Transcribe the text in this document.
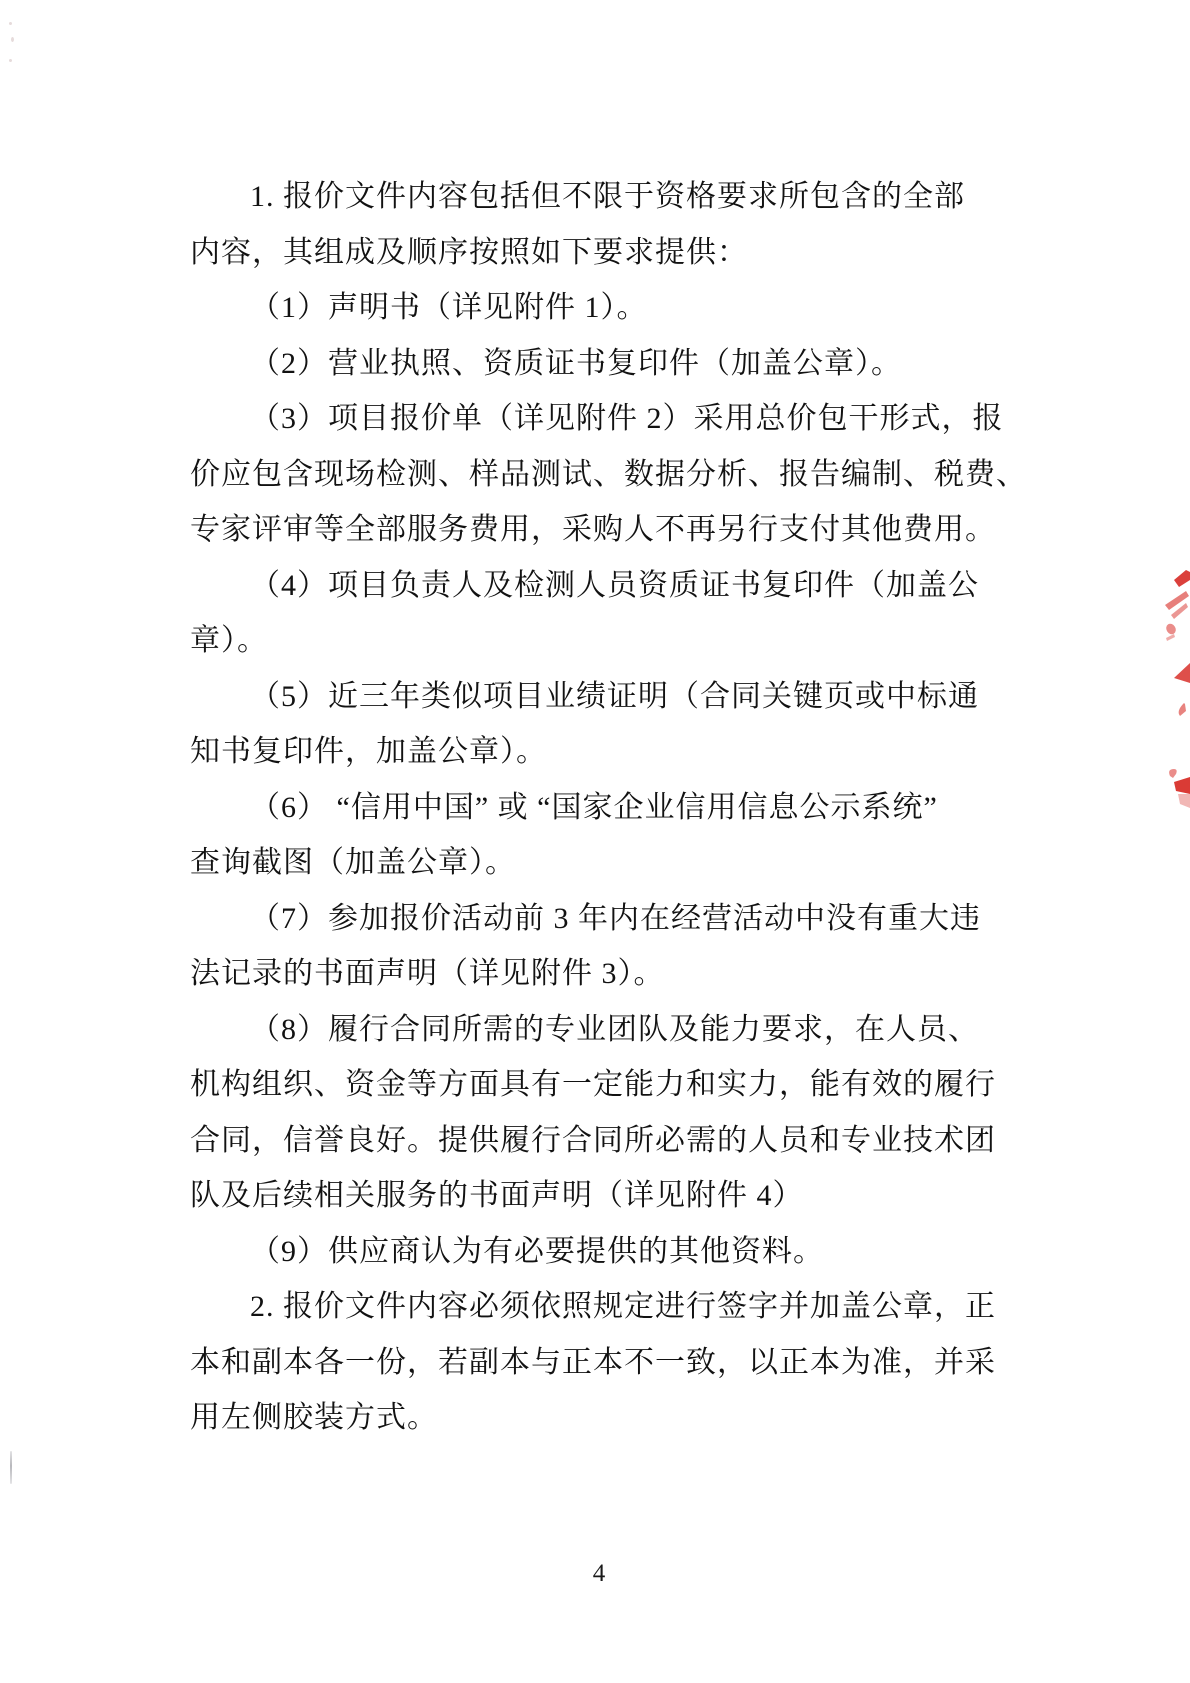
1. 报价文件内容包括但不限于资格要求所包含的全部
内容，其组成及顺序按照如下要求提供：
（1）声明书（详见附件 1）。
（2）营业执照、资质证书复印件（加盖公章）。
（3）项目报价单（详见附件 2）采用总价包干形式，报
价应包含现场检测、样品测试、数据分析、报告编制、税费、
专家评审等全部服务费用，采购人不再另行支付其他费用。
（4）项目负责人及检测人员资质证书复印件（加盖公
章）。
（5）近三年类似项目业绩证明（合同关键页或中标通
知书复印件，加盖公章）。
（6） “信用中国” 或 “国家企业信用信息公示系统”
查询截图（加盖公章）。
（7）参加报价活动前 3 年内在经营活动中没有重大违
法记录的书面声明（详见附件 3）。
（8）履行合同所需的专业团队及能力要求，在人员、
机构组织、资金等方面具有一定能力和实力，能有效的履行
合同，信誉良好。提供履行合同所必需的人员和专业技术团
队及后续相关服务的书面声明（详见附件 4）
（9）供应商认为有必要提供的其他资料。
2. 报价文件内容必须依照规定进行签字并加盖公章，正
本和副本各一份，若副本与正本不一致，以正本为准，并采
用左侧胶装方式。
4
